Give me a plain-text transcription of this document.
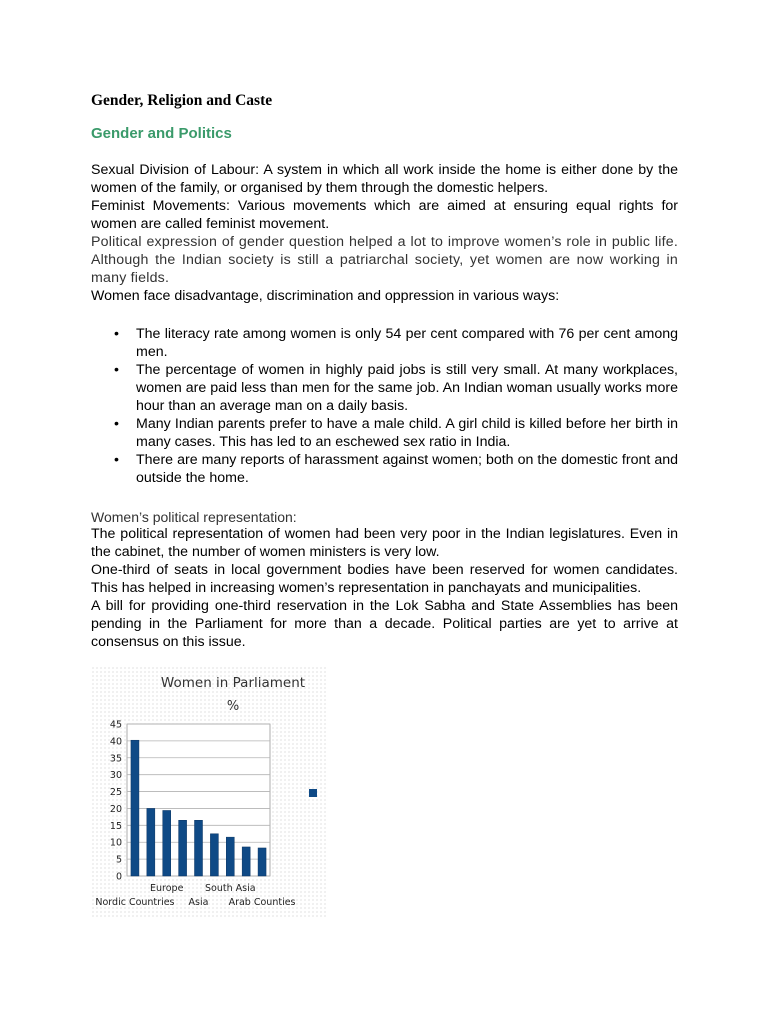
Gender, Religion and Caste
Gender and Politics

Sexual Division of Labour: A system in which all work inside the home is either done by the women of the family, or organised by them through the domestic helpers.

Feminist Movements: Various movements which are aimed at ensuring equal rights for women are called feminist movement.

Political expression of gender question helped a lot to improve women’s role in public life. Although the Indian society is still a patriarchal society, yet women are now working in many fields.

Women face disadvantage, discrimination and oppression in various ways:

• The literacy rate among women is only 54 per cent compared with 76 per cent among men.
• The percentage of women in highly paid jobs is still very small. At many workplaces, women are paid less than men for the same job. An Indian woman usually works more hour than an average man on a daily basis.
• Many Indian parents prefer to have a male child. A girl child is killed before her birth in many cases. This has led to an eschewed sex ratio in India.
• There are many reports of harassment against women; both on the domestic front and outside the home.

Women’s political representation:

The political representation of women had been very poor in the Indian legislatures. Even in the cabinet, the number of women ministers is very low.

One-third of seats in local government bodies have been reserved for women candidates. This has helped in increasing women’s representation in panchayats and municipalities.

A bill for providing one-third reservation in the Lok Sabha and State Assemblies has been pending in the Parliament for more than a decade. Political parties are yet to arrive at consensus on this issue.

Women in Parliament
%
0
5
10
15
20
25
30
35
40
45
Europe South Asia
Nordic Countries Asia Arab Counties
